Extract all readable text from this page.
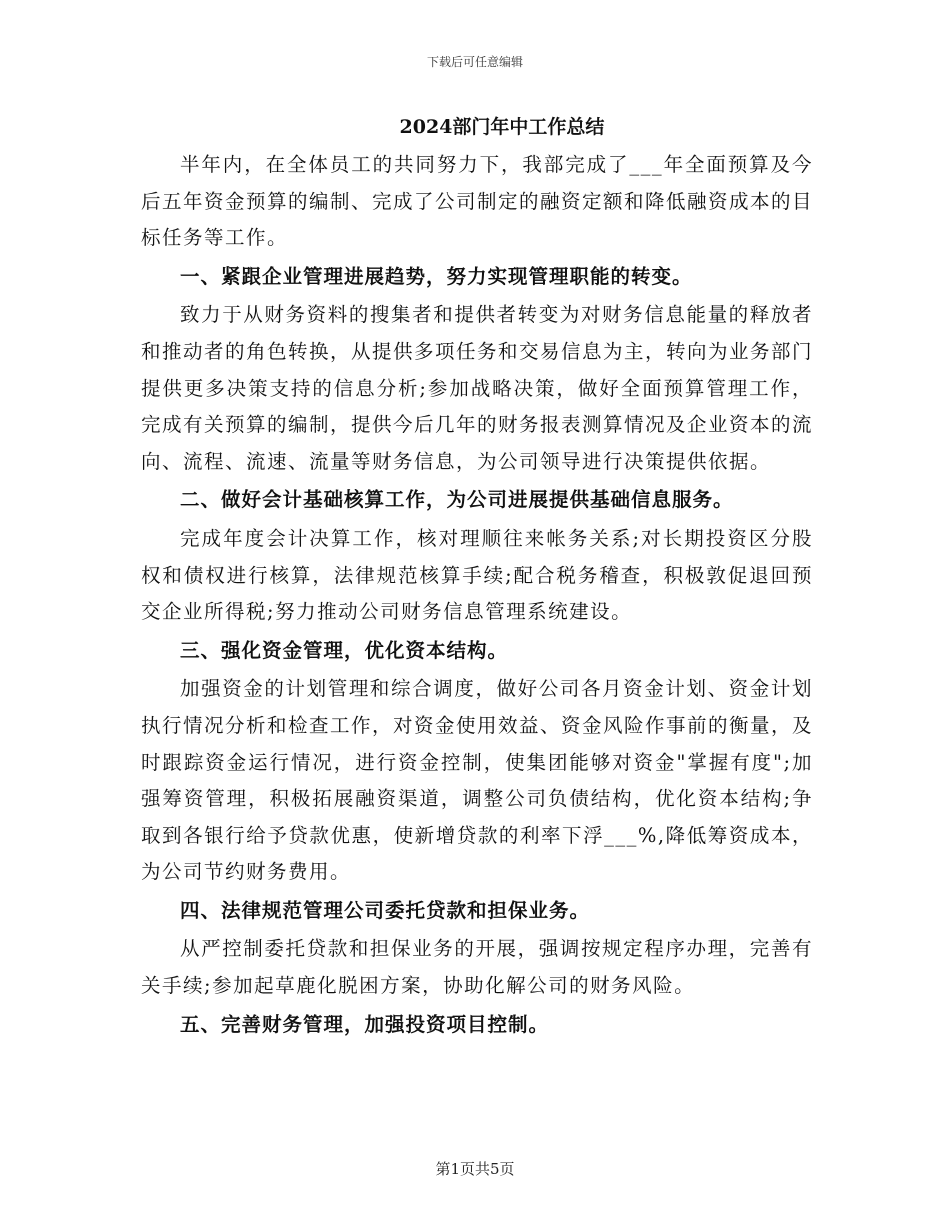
下载后可任意编辑
2024部门年中工作总结

半年内，在全体员工的共同努力下，我部完成了___年全面预算及今后五年资金预算的编制、完成了公司制定的融资定额和降低融资成本的目标任务等工作。

一、紧跟企业管理进展趋势，努力实现管理职能的转变。

致力于从财务资料的搜集者和提供者转变为对财务信息能量的释放者和推动者的角色转换，从提供多项任务和交易信息为主，转向为业务部门提供更多决策支持的信息分析;参加战略决策，做好全面预算管理工作，完成有关预算的编制，提供今后几年的财务报表测算情况及企业资本的流向、流程、流速、流量等财务信息，为公司领导进行决策提供依据。

二、做好会计基础核算工作，为公司进展提供基础信息服务。

完成年度会计决算工作，核对理顺往来帐务关系;对长期投资区分股权和债权进行核算，法律规范核算手续;配合税务稽查，积极敦促退回预交企业所得税;努力推动公司财务信息管理系统建设。

三、强化资金管理，优化资本结构。

加强资金的计划管理和综合调度，做好公司各月资金计划、资金计划执行情况分析和检查工作，对资金使用效益、资金风险作事前的衡量，及时跟踪资金运行情况，进行资金控制，使集团能够对资金"掌握有度";加强筹资管理，积极拓展融资渠道，调整公司负债结构，优化资本结构;争取到各银行给予贷款优惠，使新增贷款的利率下浮___%,降低筹资成本，为公司节约财务费用。

四、法律规范管理公司委托贷款和担保业务。

从严控制委托贷款和担保业务的开展，强调按规定程序办理，完善有关手续;参加起草鹿化脱困方案，协助化解公司的财务风险。

五、完善财务管理，加强投资项目控制。

第1页共5页
